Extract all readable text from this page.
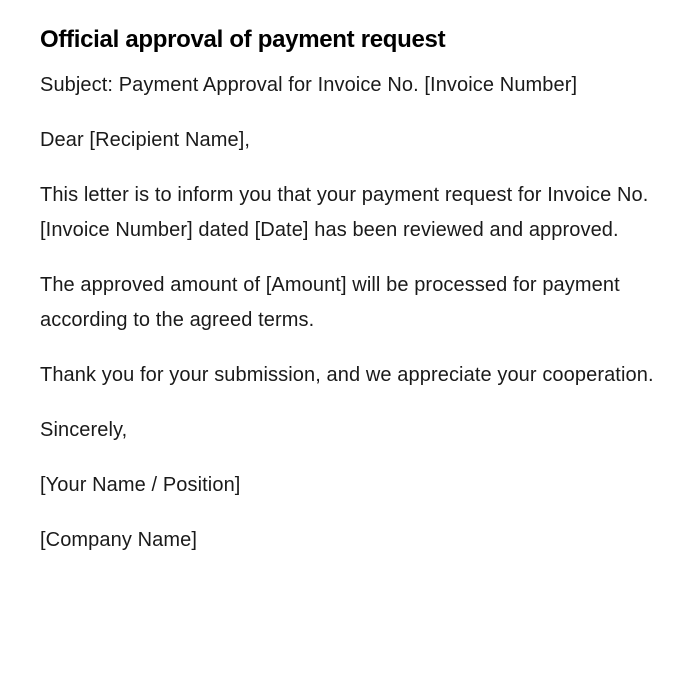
Official approval of payment request

Subject: Payment Approval for Invoice No. [Invoice Number]

Dear [Recipient Name],

This letter is to inform you that your payment request for Invoice No. [Invoice Number] dated [Date] has been reviewed and approved.

The approved amount of [Amount] will be processed for payment according to the agreed terms.

Thank you for your submission, and we appreciate your cooperation.

Sincerely,

[Your Name / Position]

[Company Name]
